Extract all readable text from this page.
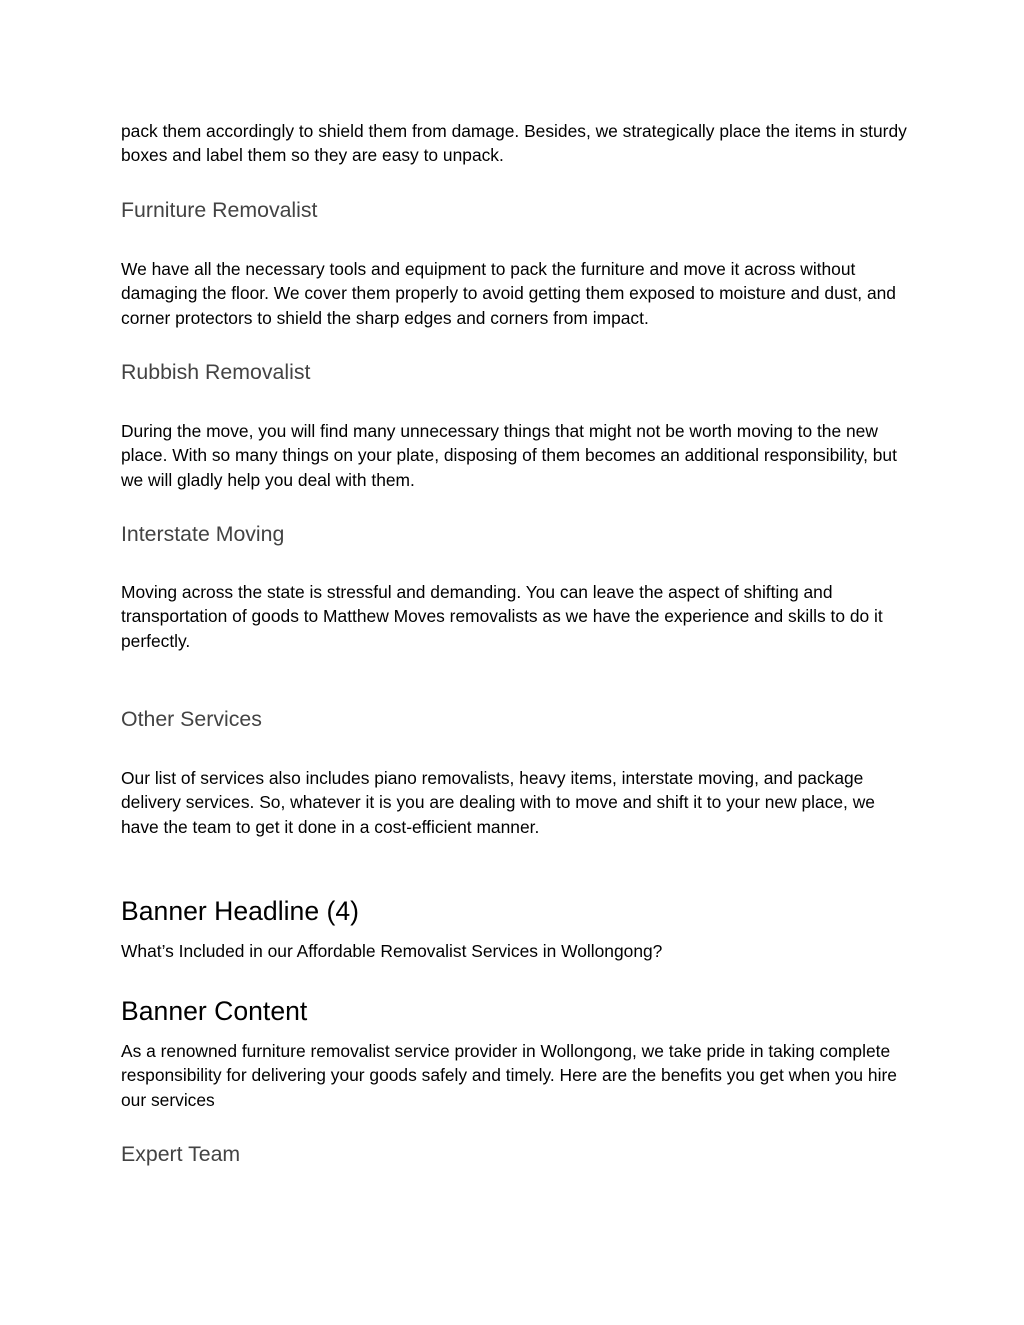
pack them accordingly to shield them from damage. Besides, we strategically place the items in sturdy boxes and label them so they are easy to unpack.

Furniture Removalist

We have all the necessary tools and equipment to pack the furniture and move it across without damaging the floor. We cover them properly to avoid getting them exposed to moisture and dust, and corner protectors to shield the sharp edges and corners from impact.

Rubbish Removalist

During the move, you will find many unnecessary things that might not be worth moving to the new place. With so many things on your plate, disposing of them becomes an additional responsibility, but we will gladly help you deal with them.

Interstate Moving

Moving across the state is stressful and demanding. You can leave the aspect of shifting and transportation of goods to Matthew Moves removalists as we have the experience and skills to do it perfectly.

Other Services

Our list of services also includes piano removalists, heavy items, interstate moving, and package delivery services. So, whatever it is you are dealing with to move and shift it to your new place, we have the team to get it done in a cost-efficient manner.

Banner Headline (4)

What’s Included in our Affordable Removalist Services in Wollongong?

Banner Content

As a renowned furniture removalist service provider in Wollongong, we take pride in taking complete responsibility for delivering your goods safely and timely. Here are the benefits you get when you hire our services

Expert Team
